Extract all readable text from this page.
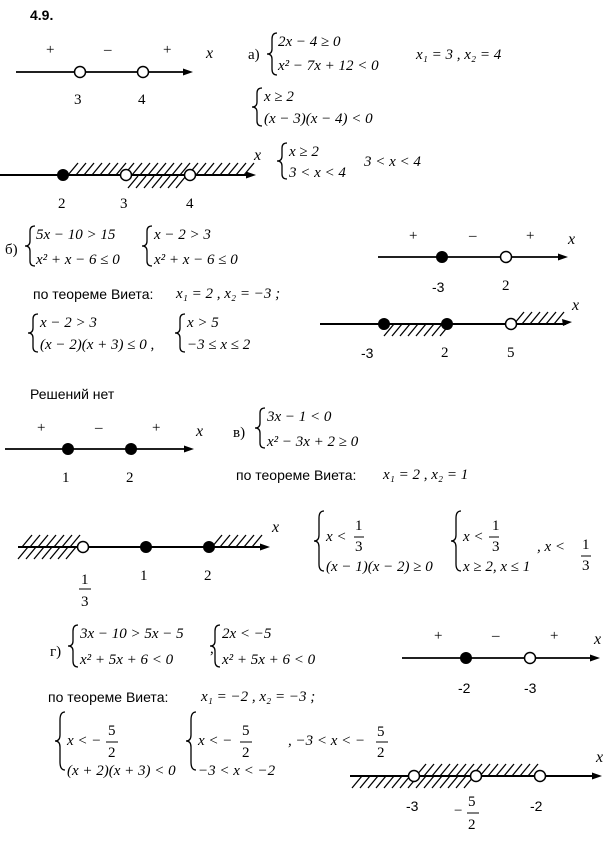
4.9.
+	–	+ x
3	4
а)
2x − 4 ≥ 0
x² − 7x + 12 < 0
x₁ = 3 , x₂ = 4
x ≥ 2
(x − 3)(x − 4) < 0
x
2	3	4
x ≥ 2
3 < x < 4
3 < x < 4
б)
5x − 10 > 15
x² + x − 6 ≤ 0
x − 2 > 3
x² + x − 6 ≤ 0
+	–	+ x
-3	2
по теореме Виета: x₁ = 2 , x₂ = −3 ;
x − 2 > 3
(x − 2)(x + 3) ≤ 0 ,
x > 5
−3 ≤ x ≤ 2
x
-3	2	5
Решений нет
+	–	+ x
1	2
в)
3x − 1 < 0
x² − 3x + 2 ≥ 0
по теореме Виета: x₁ = 2 , x₂ = 1
x
1
3
1	2
x <
1
3
(x − 1)(x − 2) ≥ 0
x <
1
3
x ≥ 2, x ≤ 1
, x < 1
3
г)
3x − 10 > 5x − 5
x² + 5x + 6 < 0
,
2x < −5
x² + 5x + 6 < 0
+	–	+ x
-2	-3
по теореме Виета: x₁ = −2 , x₂ = −3 ;
x < −
5
2
(x + 2)(x + 3) < 0
x < −
5
2
−3 < x < −2
, −3 < x < −
5
2	x
-3 −
5
2
-2
